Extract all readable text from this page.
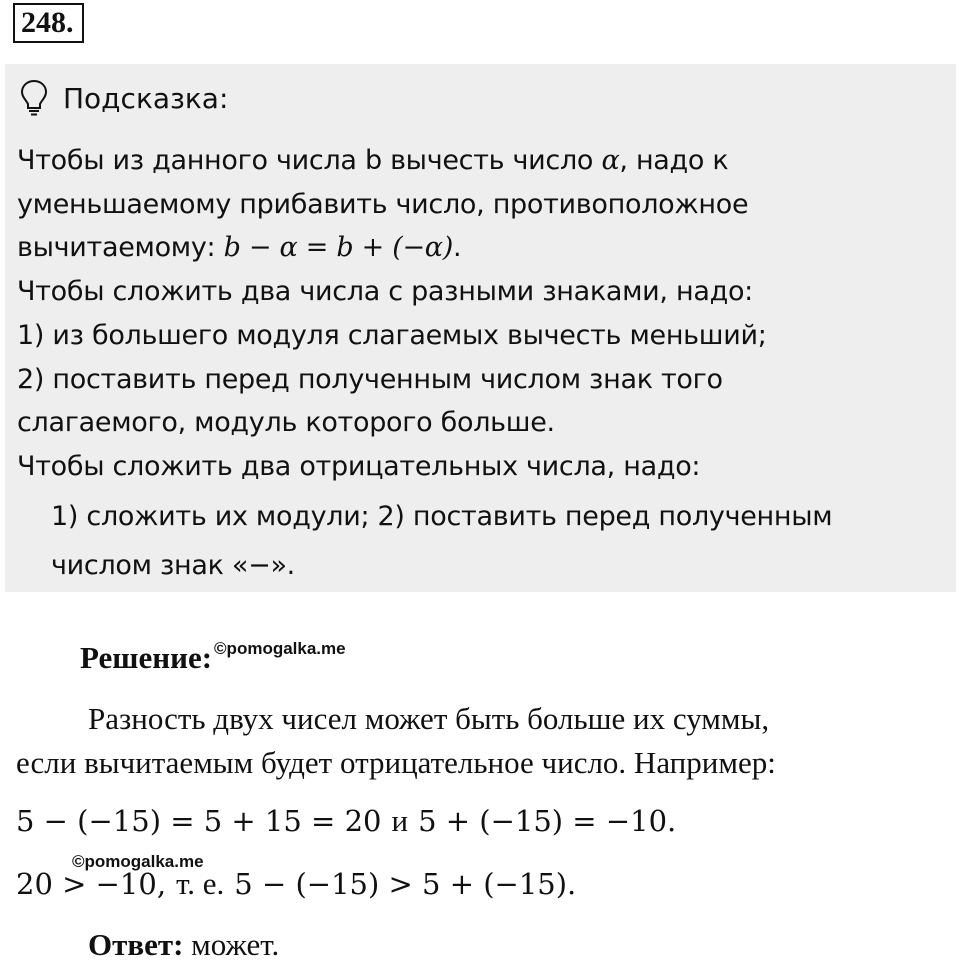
248.
Подсказка:
Чтобы из данного числа b вычесть число α, надо к
уменьшаемому прибавить число, противоположное
вычитаемому: b − α = b + (−α).
Чтобы сложить два числа с разными знаками, надо:
1) из большего модуля слагаемых вычесть меньший;
2) поставить перед полученным числом знак того
слагаемого, модуль которого больше.
Чтобы сложить два отрицательных числа, надо:
1) сложить их модули; 2) поставить перед полученным
числом знак «−».
Решение: ©pomogalka.me
Разность двух чисел может быть больше их суммы,
если вычитаемым будет отрицательное число. Например:
5 − (−15) = 5 + 15 = 20 и 5 + (−15) = −10.
©pomogalka.me
20 > −10, т. е. 5 − (−15) > 5 + (−15).
Ответ: может.
